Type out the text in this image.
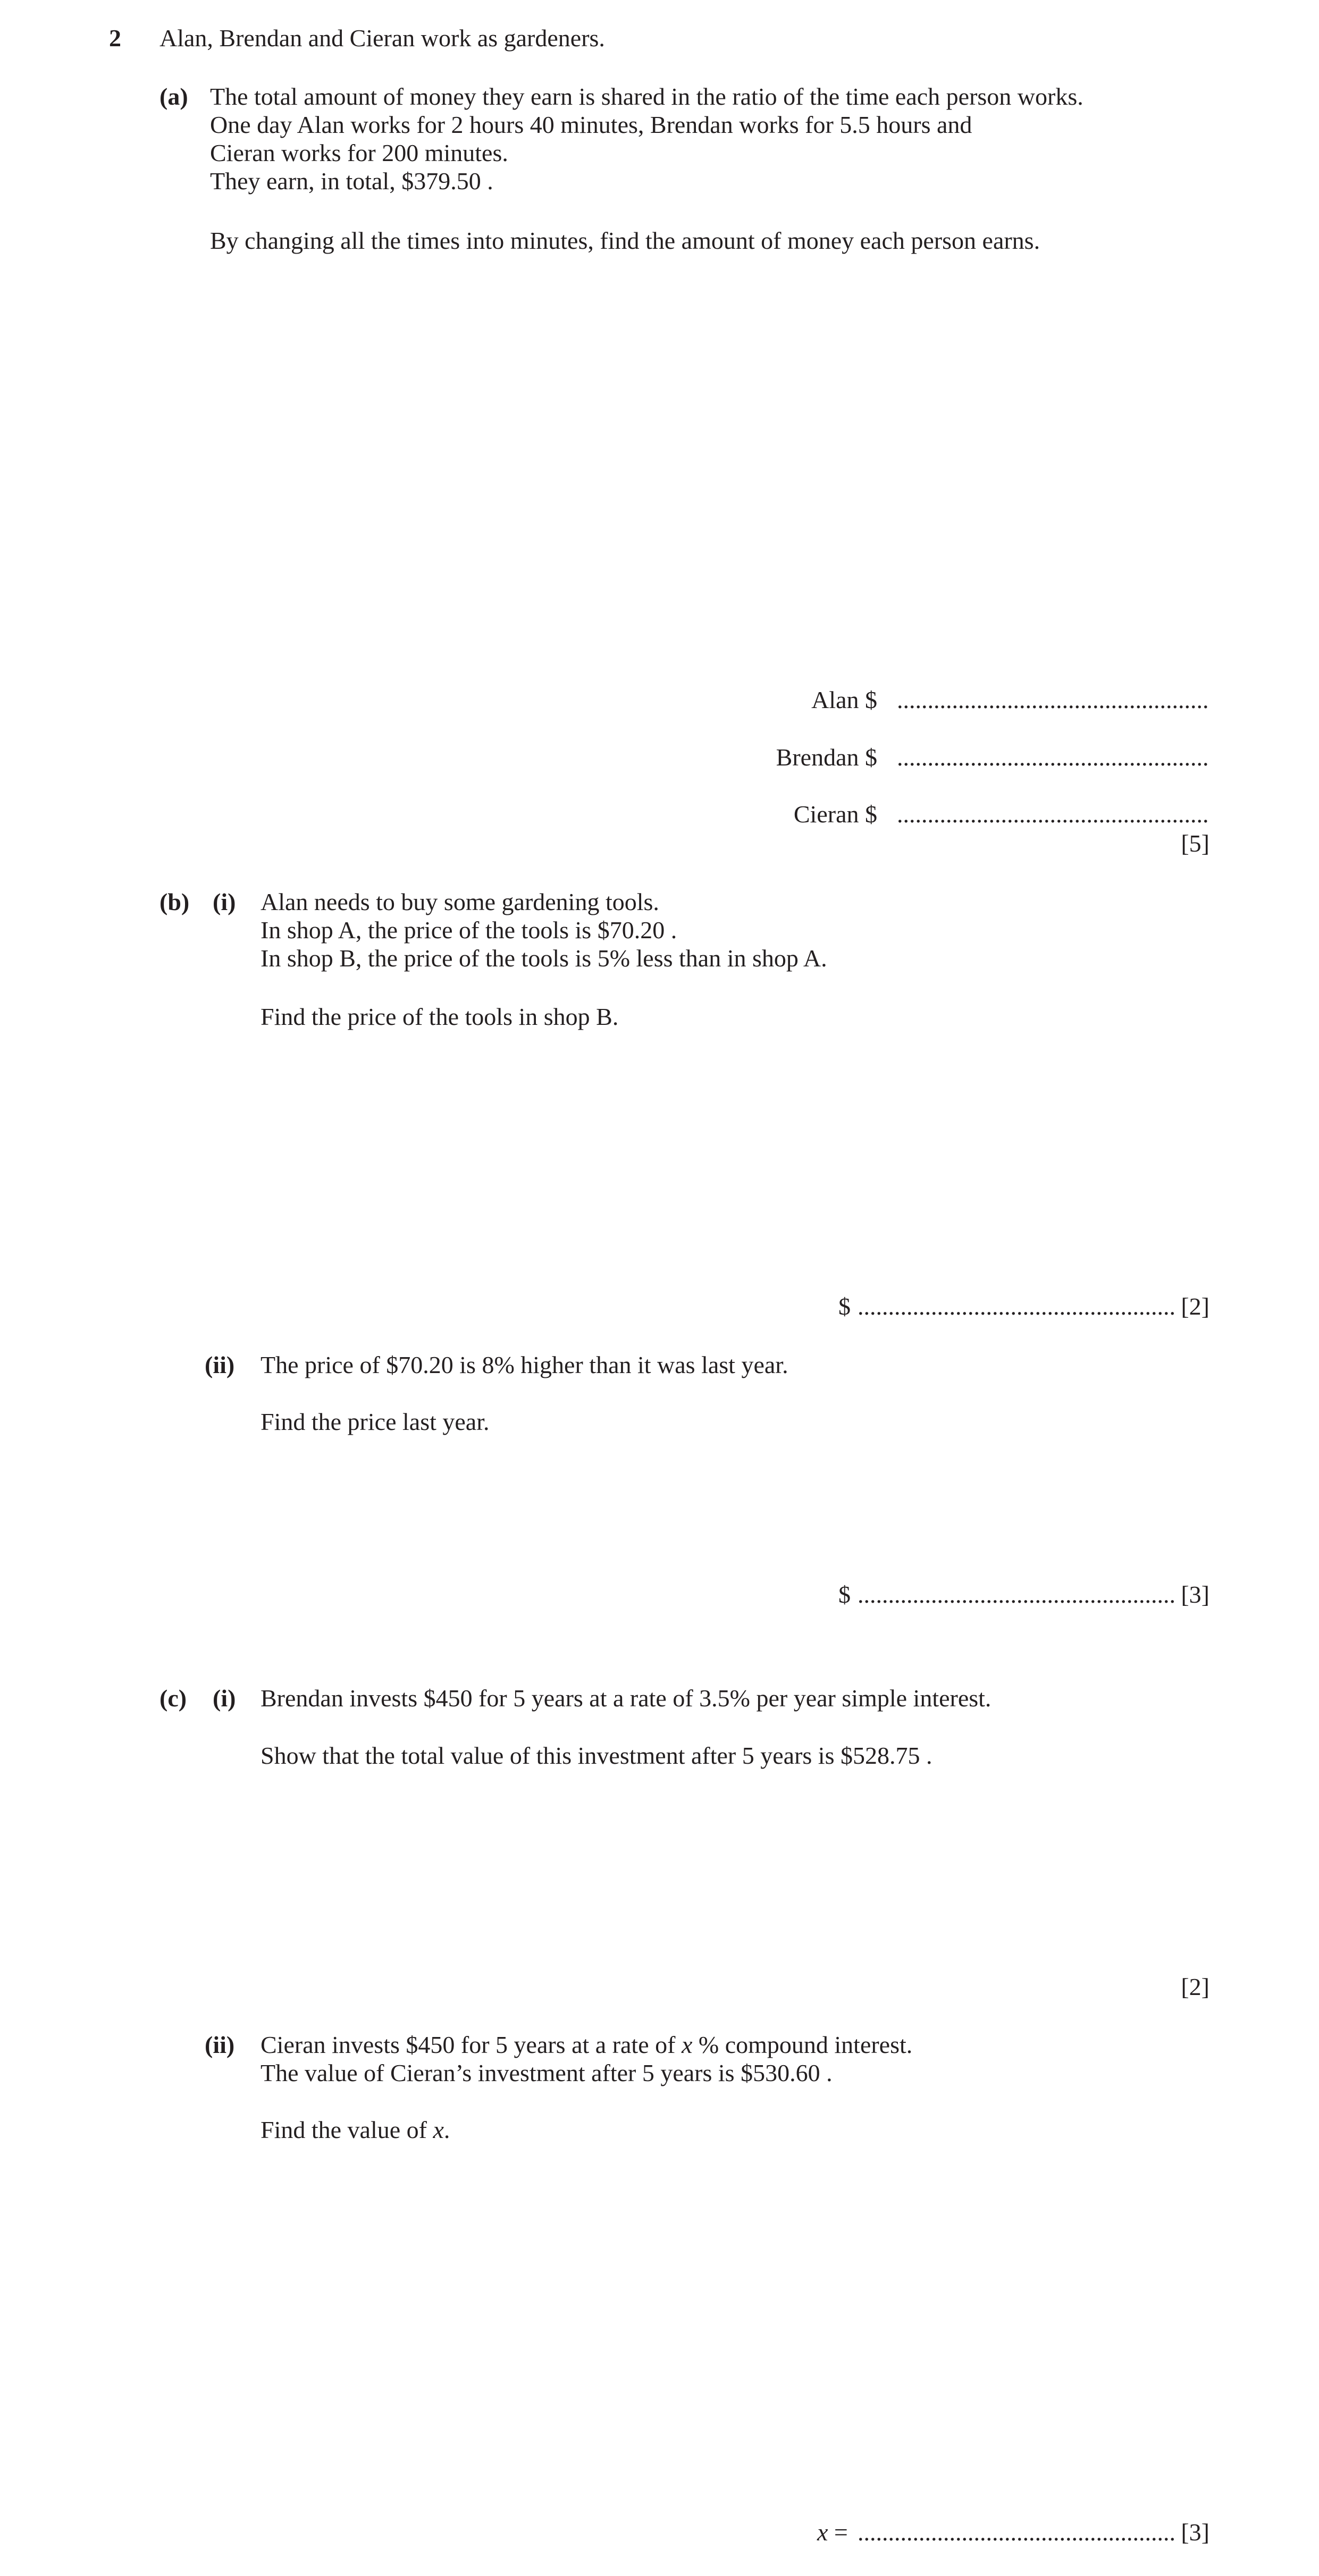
2 Alan, Brendan and Cieran work as gardeners.
(a) The total amount of money they earn is shared in the ratio of the time each person works.
One day Alan works for 2 hours 40 minutes, Brendan works for 5.5 hours and
Cieran works for 200 minutes.
They earn, in total, $379.50 .
By changing all the times into minutes, find the amount of money each person earns.
Alan $ ...................................................
Brendan $ ...................................................
Cieran $ ...................................................
[5]
(b) (i) Alan needs to buy some gardening tools.
In shop A, the price of the tools is $70.20 .
In shop B, the price of the tools is 5% less than in shop A.
Find the price of the tools in shop B.
$ .................................................... [2]
(ii) The price of $70.20 is 8% higher than it was last year.
Find the price last year.
$ .................................................... [3]
(c) (i) Brendan invests $450 for 5 years at a rate of 3.5% per year simple interest.
Show that the total value of this investment after 5 years is $528.75 .
[2]
(ii) Cieran invests $450 for 5 years at a rate of x % compound interest.
The value of Cieran’s investment after 5 years is $530.60 .
Find the value of x.
x = .................................................... [3]
